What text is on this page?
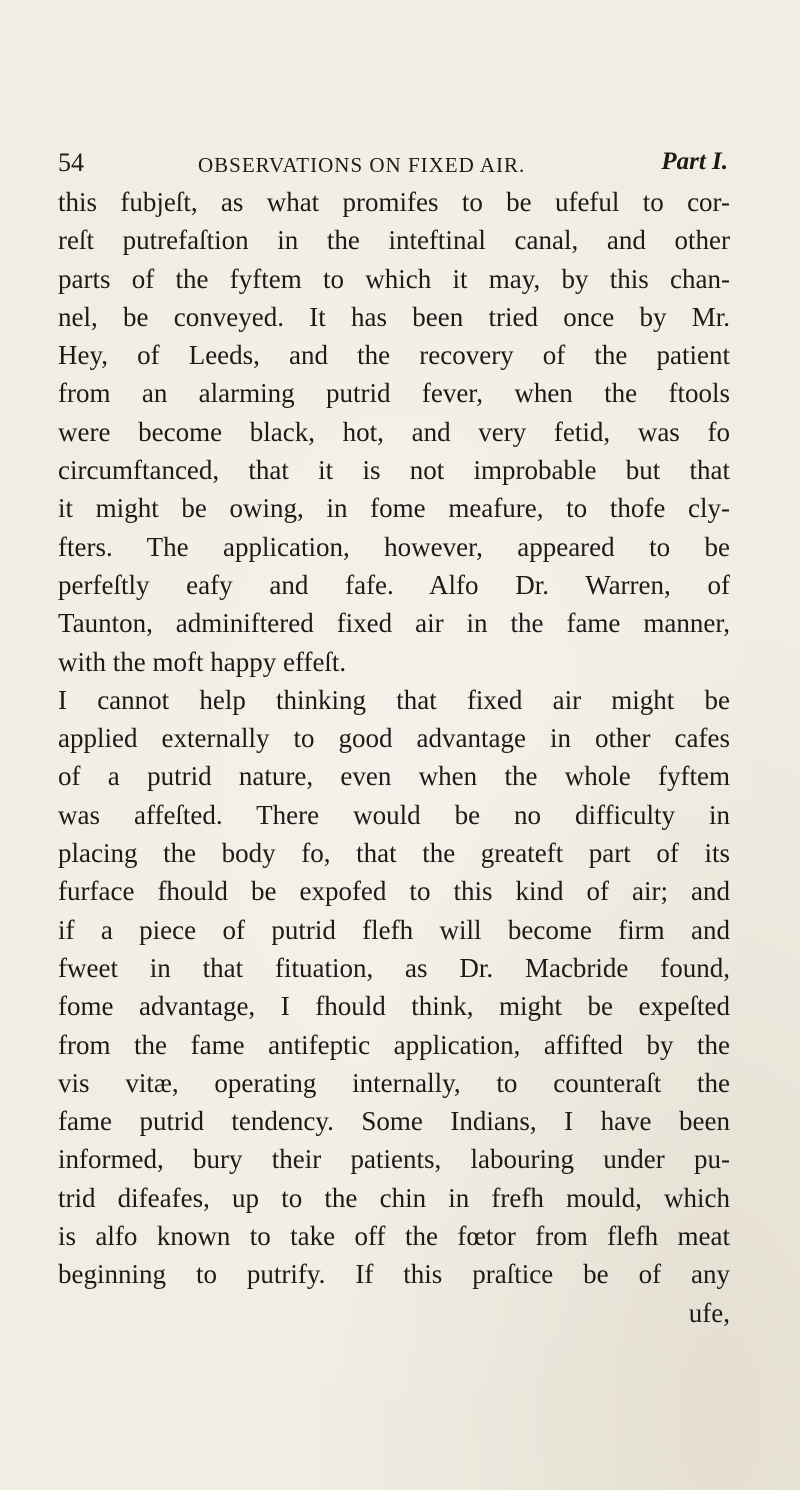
54	OBSERVATIONS ON FIXED AIR.	Part I.
this fubjeſt, as what promifes to be ufeful to cor-
reſt putrefaſtion in the inteftinal canal, and other
parts of the fyftem to which it may, by this chan-
nel, be conveyed. It has been tried once by Mr.
Hey, of Leeds, and the recovery of the patient
from an alarming putrid fever, when the ftools
were become black, hot, and very fetid, was fo
circumftanced, that it is not improbable but that
it might be owing, in fome meafure, to thofe cly-
fters. The application, however, appeared to be
perfeſtly eafy and fafe. Alfo Dr. Warren, of
Taunton, adminiftered fixed air in the fame manner,
with the moft happy effeſt.
I cannot help thinking that fixed air might be
applied externally to good advantage in other cafes
of a putrid nature, even when the whole fyftem
was affeſted. There would be no difficulty in
placing the body fo, that the greateft part of its
furface fhould be expofed to this kind of air; and
if a piece of putrid flefh will become firm and
fweet in that fituation, as Dr. Macbride found,
fome advantage, I fhould think, might be expeſted
from the fame antifeptic application, affifted by the
vis vitæ, operating internally, to counteraſt the
fame putrid tendency. Some Indians, I have been
informed, bury their patients, labouring under pu-
trid difeafes, up to the chin in frefh mould, which
is alfo known to take off the fœtor from flefh meat
beginning to putrify. If this praſtice be of any
ufe,
